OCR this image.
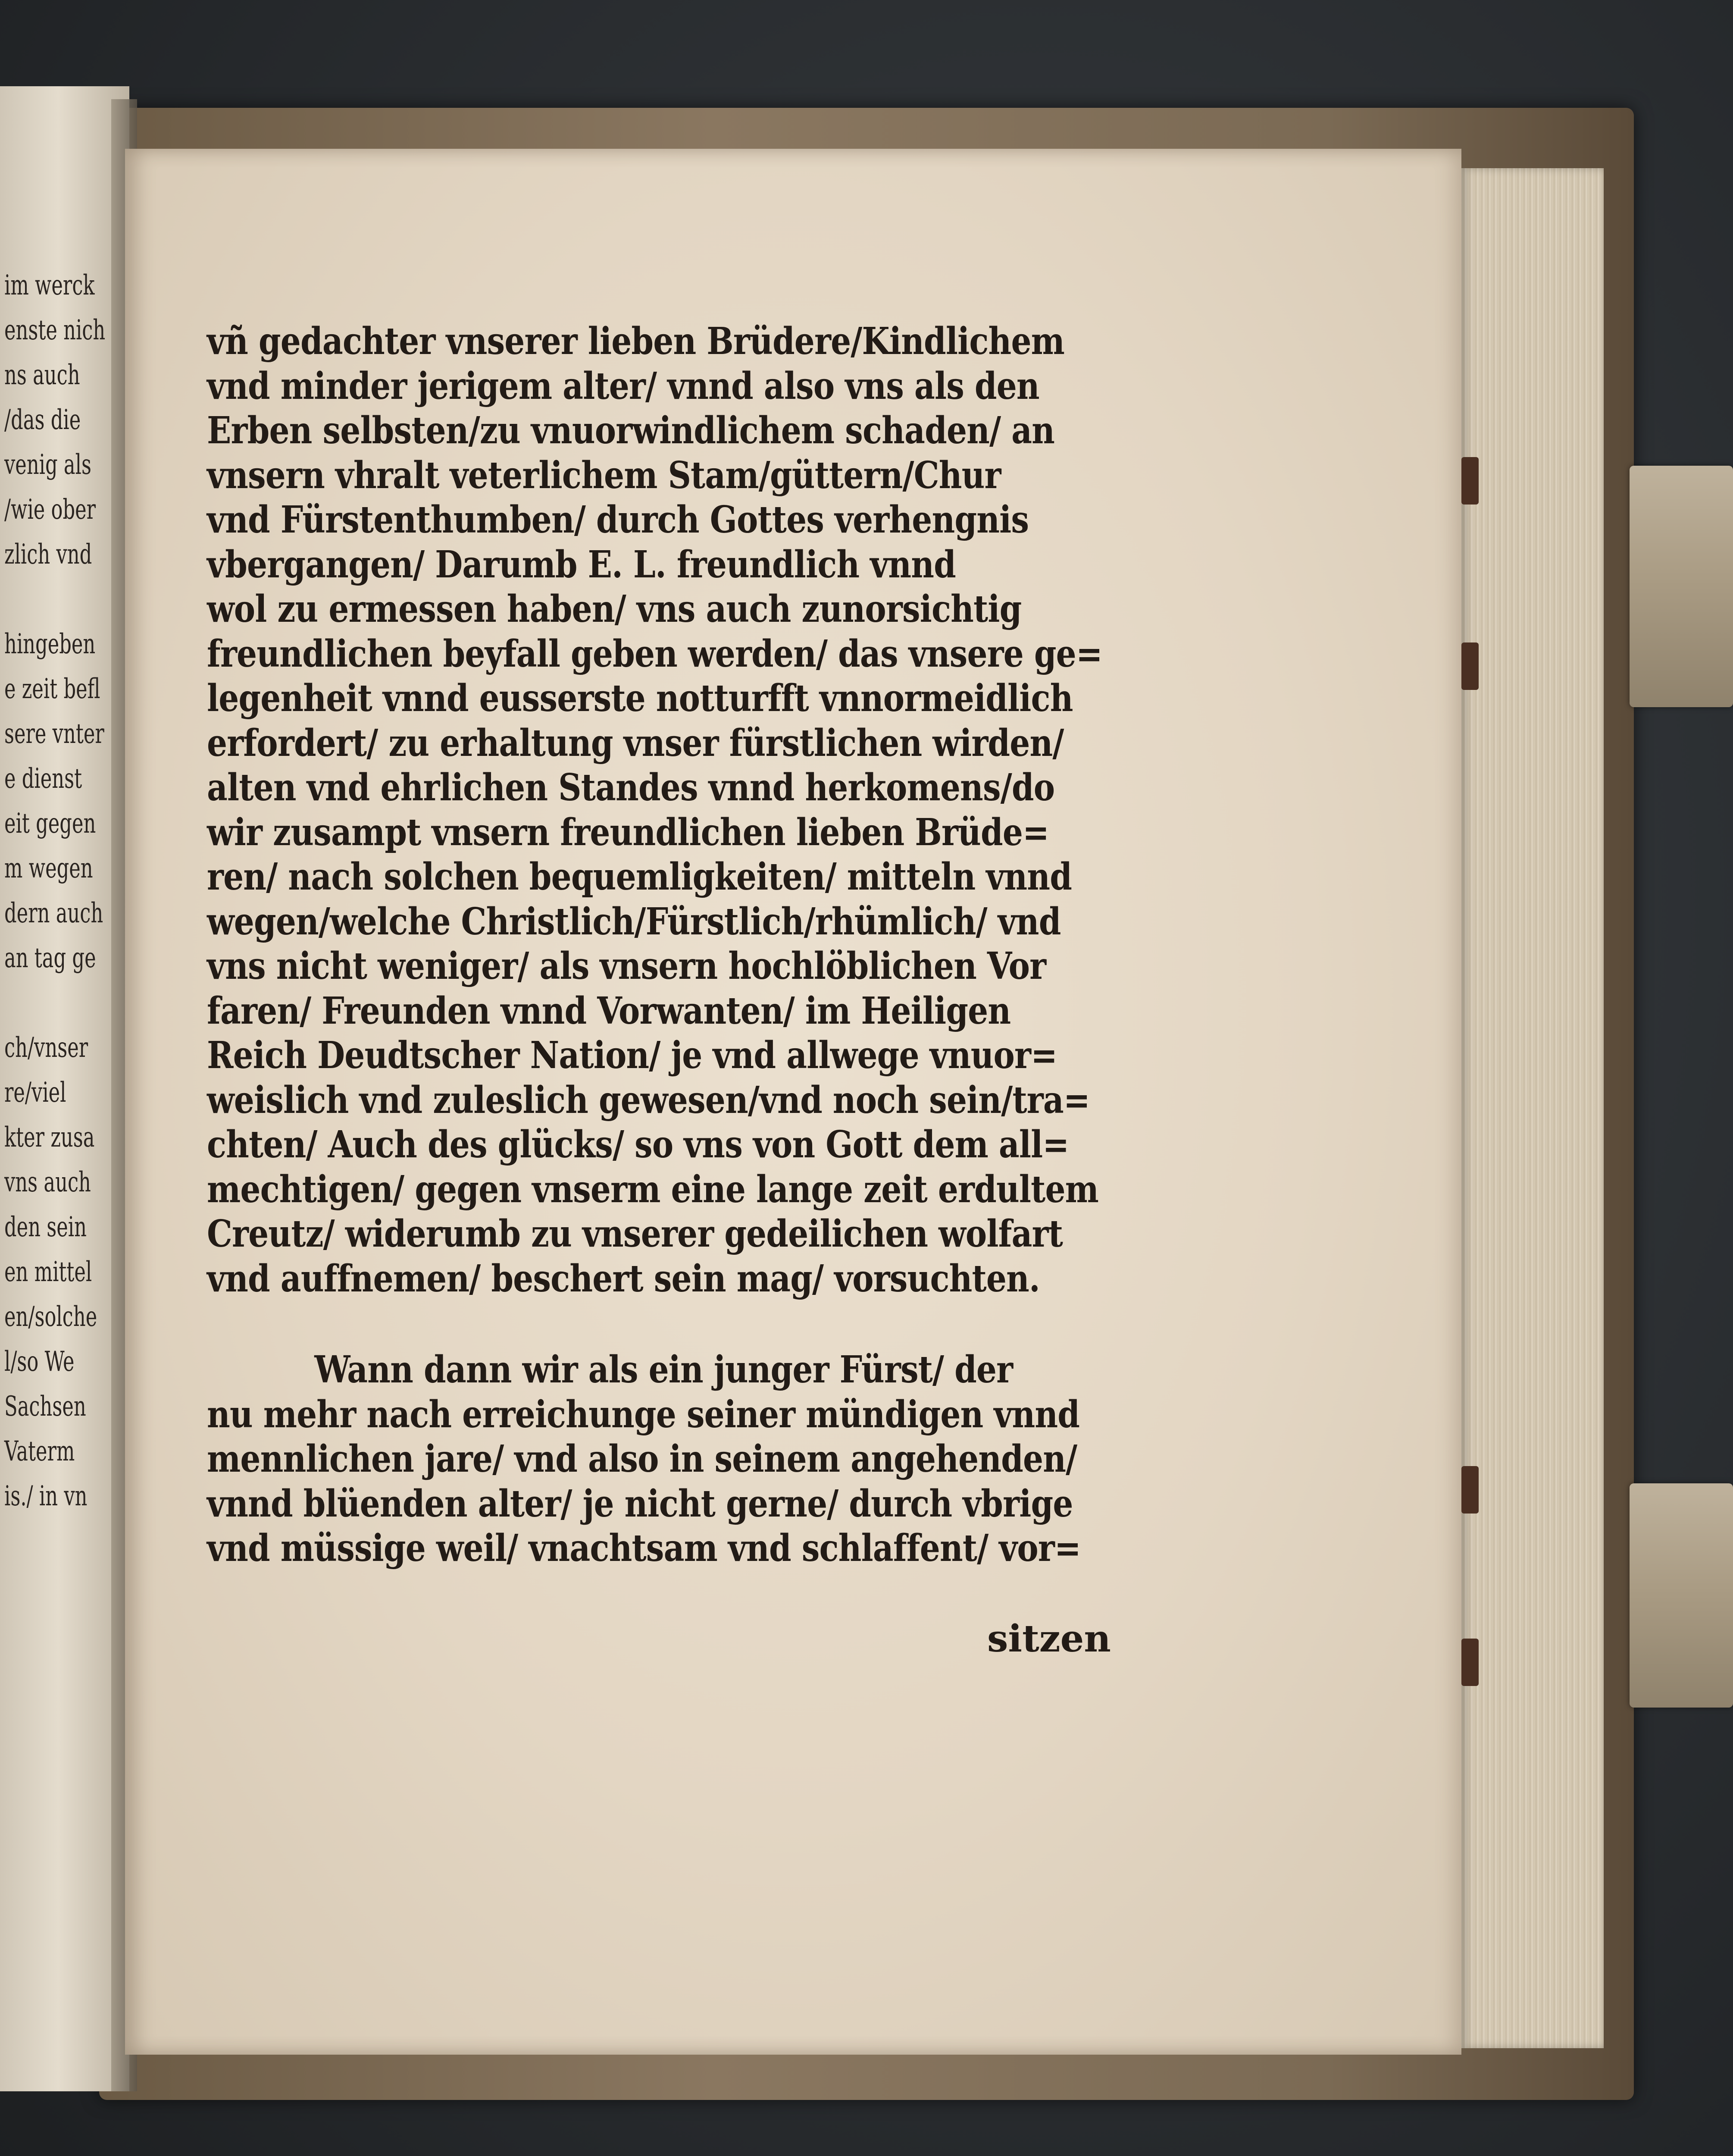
im werck
enste nich
ns auch
/das die
venig als
/wie ober
zlich vnd
hingeben
e zeit befl
sere vnter
e dienst
eit gegen
m wegen
dern auch
an tag ge
ch/vnser
re/viel
kter zusa
vns auch
den sein
en mittel
en/solche
l/so We
Sachsen
Vaterm
is./ in vn
vñ gedachter vnserer lieben Brüdere/Kindlichem
vnd minder jerigem alter/ vnnd also vns als den
Erben selbsten/zu vnuorwindlichem schaden/ an
vnsern vhralt veterlichem Stam/güttern/Chur
vnd Fürstenthumben/ durch Gottes verhengnis
vbergangen/ Darumb E. L. freundlich vnnd
wol zu ermessen haben/ vns auch zunorsichtig
freundlichen beyfall geben werden/ das vnsere ge=
legenheit vnnd eusserste notturfft vnnormeidlich
erfordert/ zu erhaltung vnser fürstlichen wirden/
alten vnd ehrlichen Standes vnnd herkomens/do
wir zusampt vnsern freundlichen lieben Brüde=
ren/ nach solchen bequemligkeiten/ mitteln vnnd
wegen/welche Christlich/Fürstlich/rhümlich/ vnd
vns nicht weniger/ als vnsern hochlöblichen Vor
faren/ Freunden vnnd Vorwanten/ im Heiligen
Reich Deudtscher Nation/ je vnd allwege vnuor=
weislich vnd zuleslich gewesen/vnd noch sein/tra=
chten/ Auch des glücks/ so vns von Gott dem all=
mechtigen/ gegen vnserm eine lange zeit erdultem
Creutz/ widerumb zu vnserer gedeilichen wolfart
vnd auffnemen/ beschert sein mag/ vorsuchten.
Wann dann wir als ein junger Fürst/ der
nu mehr nach erreichunge seiner mündigen vnnd
mennlichen jare/ vnd also in seinem angehenden/
vnnd blüenden alter/ je nicht gerne/ durch vbrige
vnd müssige weil/ vnachtsam vnd schlaffent/ vor=
sitzen
